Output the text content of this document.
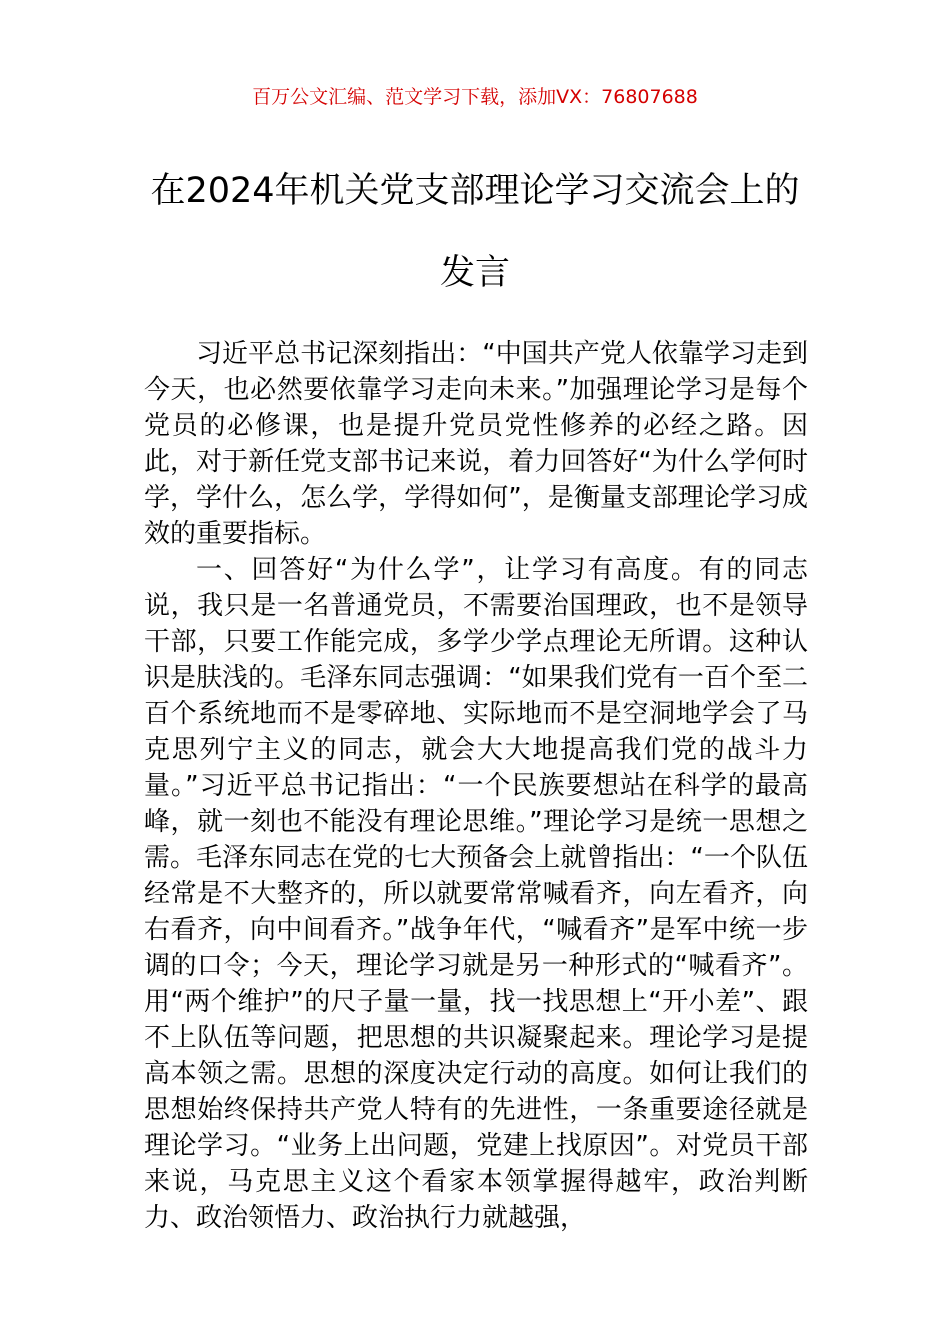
百万公文汇编、范文学习下载，添加VX：76807688
在2024年机关党支部理论学习交流会上的
发言

习近平总书记深刻指出：“中国共产党人依靠学习走到今天，也必然要依靠学习走向未来。”加强理论学习是每个党员的必修课，也是提升党员党性修养的必经之路。因此，对于新任党支部书记来说，着力回答好“为什么学何时学，学什么，怎么学，学得如何”，是衡量支部理论学习成效的重要指标。

一、回答好“为什么学”，让学习有高度。有的同志说，我只是一名普通党员，不需要治国理政，也不是领导干部，只要工作能完成，多学少学点理论无所谓。这种认识是肤浅的。毛泽东同志强调：“如果我们党有一百个至二百个系统地而不是零碎地、实际地而不是空洞地学会了马克思列宁主义的同志，就会大大地提高我们党的战斗力量。”习近平总书记指出：“一个民族要想站在科学的最高峰，就一刻也不能没有理论思维。”理论学习是统一思想之需。毛泽东同志在党的七大预备会上就曾指出：“一个队伍经常是不大整齐的，所以就要常常喊看齐，向左看齐，向右看齐，向中间看齐。”战争年代，“喊看齐”是军中统一步调的口令；今天，理论学习就是另一种形式的“喊看齐”。用“两个维护”的尺子量一量，找一找思想上“开小差”、跟不上队伍等问题，把思想的共识凝聚起来。理论学习是提高本领之需。思想的深度决定行动的高度。如何让我们的思想始终保持共产党人特有的先进性，一条重要途径就是理论学习。“业务上出问题，党建上找原因”。对党员干部来说，马克思主义这个看家本领掌握得越牢，政治判断力、政治领悟力、政治执行力就越强，
